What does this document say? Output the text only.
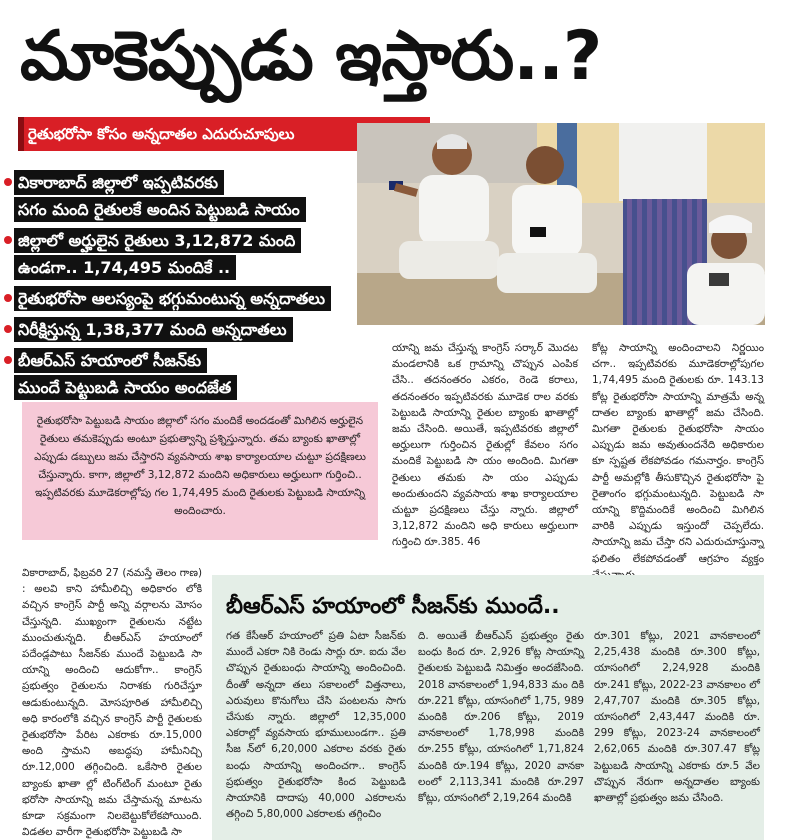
మాకెప్పుడు ఇస్తారు..?
రైతుభరోసా కోసం అన్నదాతల ఎదురుచూపులు
వికారాబాద్ జిల్లాలో ఇప్పటివరకు
సగం మంది రైతులకే అందిన పెట్టుబడి సాయం
జిల్లాలో అర్హులైన రైతులు 3,12,872 మంది
ఉండగా.. 1,74,495 మందికే ..
రైతుభరోసా ఆలస్యంపై భగ్గుమంటున్న అన్నదాతలు
నిరీక్షిస్తున్న 1,38,377 మంది అన్నదాతలు
బీఆర్ఎస్ హయాంలో సీజన్‌కు
ముందే పెట్టుబడి సాయం అందజేత
రైతుభరోసా పెట్టుబడి సాయం జిల్లాలో సగం మందికే అందడంతో మిగిలిన అర్హులైన రైతులు తమకెప్పుడు అంటూ ప్రభుత్వాన్ని ప్రశ్నిస్తున్నారు. తమ బ్యాంకు ఖాతాల్లో ఎప్పుడు డబ్బులు జమ చేస్తారని వ్యవసాయ శాఖ కార్యాలయాల చుట్టూ ప్రదక్షిణలు చేస్తున్నారు. కాగా, జిల్లాలో 3,12,872 మందిని అధికారులు అర్హులుగా గుర్తించి.. ఇప్పటివరకు మూడెకరాల్లోపు గల 1,74,495 మంది రైతులకు పెట్టుబడి సాయాన్ని అందించారు.

యాన్ని జమ చేస్తున్న కాంగ్రెస్ సర్కార్ మొదట మండలానికి ఒక గ్రామాన్ని చొప్పున ఎంపిక చేసి.. తదనంతరం ఎకరం, రెండె కరాలు, తదనంతరం ఇప్పటివరకు మూడెక రాల వరకు పెట్టుబడి సాయాన్ని రైతుల బ్యాంకు ఖాతాల్లో జమ చేసింది. అయితే, ఇప్పటివరకు జిల్లాలో అర్హులుగా గుర్తించిన రైతుల్లో కేవలం సగం మందికే పెట్టుబడి సా యం అందింది. మిగతా రైతులు తమకు సా యం ఎప్పుడు అందుతుందని వ్యవసాయ శాఖ కార్యాలయాల చుట్టూ ప్రదక్షిణలు చేస్తు న్నారు. జిల్లాలో 3,12,872 మందిని అధి కారులు అర్హులుగా గుర్తించి రూ.385. 46

కోట్ల సాయాన్ని అందించాలని నిర్ణయిం చగా.. ఇప్పటివరకు మూడెకరాల్లోపుగల 1,74,495 మంది రైతులకు రూ. 143.13 కోట్ల రైతుభరోసా సాయాన్ని మాత్రమే అన్న దాతల బ్యాంకు ఖాతాల్లో జమ చేసింది. మిగతా రైతులకు రైతుభరోసా సాయం ఎప్పుడు జమ అవుతుందనేది అధికారుల కూ స్పష్టత లేకపోవడం గమనార్హం. కాంగ్రెస్ పార్టీ అమల్లోకి తీసుకొచ్చిన రైతుభరోసా పై రైతాంగం భగ్గుమంటున్నది. పెట్టుబడి సా యాన్ని కొద్దిమందికే అందించి మిగిలిన వారికి ఎప్పుడు ఇస్తుందో చెప్పలేదు. సాయాన్ని జమ చేస్తా రని ఎదురుచూస్తున్నా ఫలితం లేకపోవడంతో ఆగ్రహం వ్యక్తం

వికారాబాద్, ఫిబ్రవరి 27 (నమస్తే తెలం గాణ) : అలవి కాని హామీలిచ్చి అధికారం లోకి వచ్చిన కాంగ్రెస్ పార్టీ అన్ని వర్గాలను మోసం చేస్తున్నది. ముఖ్యంగా రైతులను నట్టేట ముంచుతున్నది. బీఆర్ఎస్ హయాంలో పదేండ్లపాటు సీజన్‌కు ముందే పెట్టుబడి సా యాన్ని అందించి ఆదుకోగా.. కాంగ్రెస్ ప్రభుత్వం రైతులను నిరాశకు గురిచేస్తూ ఆడుకుంటున్నది. మోసపూరిత హామీలిచ్చి అధి కారంలోకి వచ్చిన కాంగ్రెస్ పార్టీ రైతులకు రైతుభరోసా పేరిట ఎకరాకు రూ.15,000 అంది స్తామని అబద్ధపు హామీనిచ్చి రూ.12,000 తగ్గించింది. ఒకేసారి రైతుల బ్యాంకు ఖాతా ల్లో టింగ్‌టింగ్ మంటూ రైతు భరోసా సాయాన్ని జమ చేస్తామన్న మాటను కూడా సక్రమంగా నిలబెట్టుకోలేకపోయింది. విడతల వారీగా రైతుభరోసా పెట్టుబడి సా

బీఆర్ఎస్ హయాంలో సీజన్‌కు ముందే..

గత కేసీఆర్ హయాంలో ప్రతి ఏటా సీజన్‌కు ముందే ఎకరా నికి రెండు సార్లు రూ. ఐదు వేల చొప్పున రైతుబంధు సాయాన్ని అందించింది. దీంతో అన్నదా తలు సకాలంలో విత్తనాలు, ఎరువులు కొనుగోలు చేసి పంటలను సాగు చేసుకు న్నారు. జిల్లాలో 12,35,000 ఎకరాల్లో వ్యవసాయ భూములుండగా.. ప్రతి సీజ న్‌లో 6,20,000 ఎకరాల వరకు రైతు బంధు సాయాన్ని అందించగా.. కాంగ్రెస్ ప్రభుత్వం రైతుభరోసా కింద పెట్టుబడి సాయానికి దాదాపు 40,000 ఎకరాలను తగ్గించి 5,80,000 ఎకరాలకు తగ్గించిం

ది. అయితే బీఆర్ఎస్ ప్రభుత్వం రైతు బంధు కింద రూ. 2,926 కోట్ల సాయాన్ని రైతులకు పెట్టుబడి నిమిత్తం అందజేసింది. 2018 వానకాలంలో 1,94,833 మం దికి రూ.221 కోట్లు, యాసంగిలో 1,75, 989 మందికి రూ.206 కోట్లు, 2019 వానకాలంలో 1,78,998 మందికి రూ.255 కోట్లు, యాసంగిలో 1,71,824 మందికి రూ.194 కోట్లు, 2020 వానకా లంలో 2,113,341 మందికి రూ.297 కోట్లు, యాసంగిలో 2,19,264 మందికి

రూ.301 కోట్లు, 2021 వానకాలంలో 2,25,438 మందికి రూ.300 కోట్లు, యాసంగిలో 2,24,928 మందికి రూ.241 కోట్లు, 2022-23 వానకాలం లో 2,47,707 మందికి రూ.305 కోట్లు, యాసంగిలో 2,43,447 మందికి రూ. 299 కోట్లు, 2023-24 వానకాలంలో 2,62,065 మందికి రూ.307.47 కోట్ల పెట్టుబడి సాయాన్ని ఎకరాకు రూ.5 వేల చొప్పున నేరుగా అన్నదాతల బ్యాంకు ఖాతాల్లో ప్రభుత్వం జమ చేసింది.
